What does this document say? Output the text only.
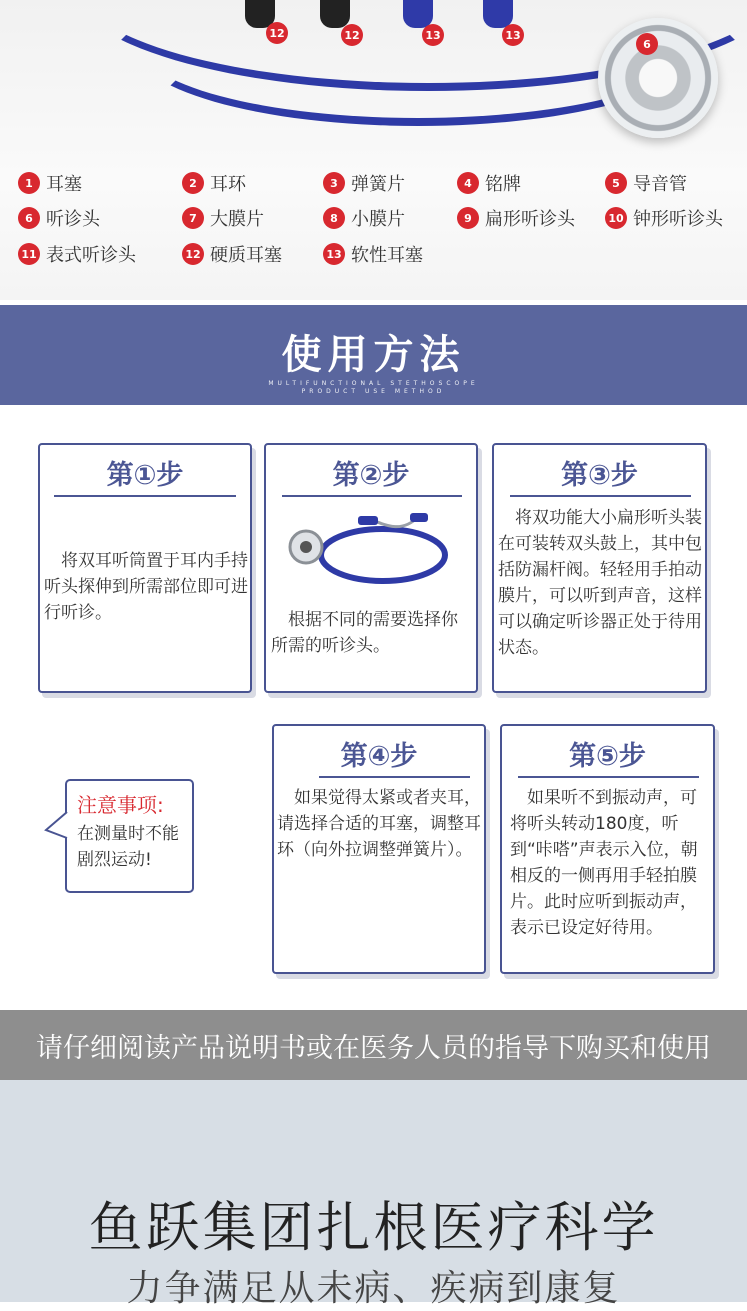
12	12	13	13
6
1 耳塞	2 耳环	3 弹簧片	4 铭牌	5 导音管
6 听诊头	7 大膜片	8 小膜片	9 扁形听诊头	10 钟形听诊头
11 表式听诊头	12 硬质耳塞	13 软性耳塞
使用方法
MULTIFUNCTIONAL STETHOSCOPE
PRODUCT USE METHOD
第①步
将双耳听筒置于耳内手持听头探伸到所需部位即可进行听诊。
第②步
根据不同的需要选择你所需的听诊头。
第③步
将双功能大小扁形听头装在可装转双头鼓上，其中包括防漏杆阀。轻轻用手拍动膜片，可以听到声音，这样可以确定听诊器正处于待用状态。
注意事项:
在测量时不能剧烈运动!
第④步
如果觉得太紧或者夹耳，请选择合适的耳塞，调整耳环（向外拉调整弹簧片）。
第⑤步
如果听不到振动声，可将听头转动180度，听到“咔嗒”声表示入位，朝相反的一侧再用手轻拍膜片。此时应听到振动声，表示已设定好待用。
请仔细阅读产品说明书或在医务人员的指导下购买和使用
鱼跃集团扎根医疗科学
力争满足从未病、疾病到康复
